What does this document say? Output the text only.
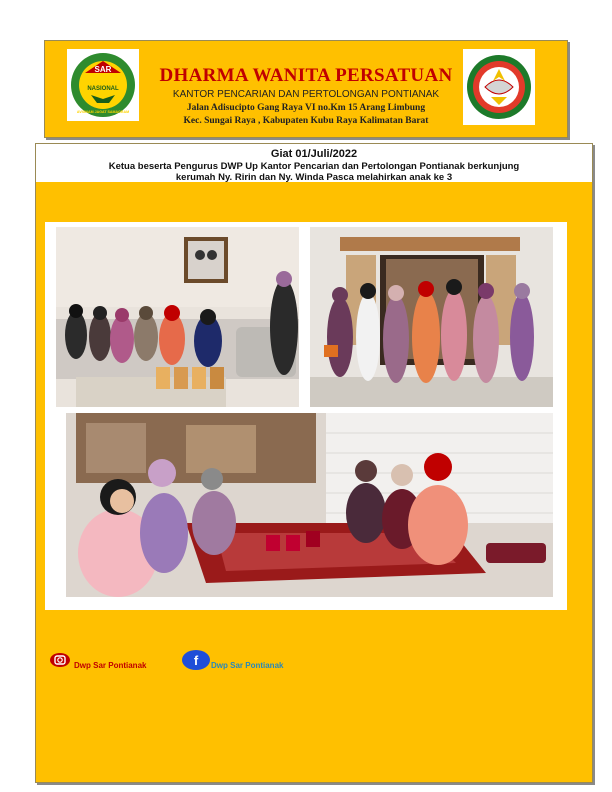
SAR
NASIONAL
AVIGNAM JAGAT SAMAGRAM
DHARMA WANITA PERSATUAN
KANTOR PENCARIAN DAN PERTOLONGAN PONTIANAK
Jalan Adisucipto Gang Raya VI no.Km 15 Arang Limbung
Kec. Sungai Raya , Kabupaten Kubu Raya Kalimatan Barat
Giat 01/Juli/2022
Ketua beserta Pengurus DWP Up Kantor Pencarian dan Pertolongan Pontianak berkunjung
kerumah Ny. Ririn dan Ny. Winda Pasca melahirkan anak ke 3
Dwp Sar Pontianak	f Dwp Sar Pontianak
